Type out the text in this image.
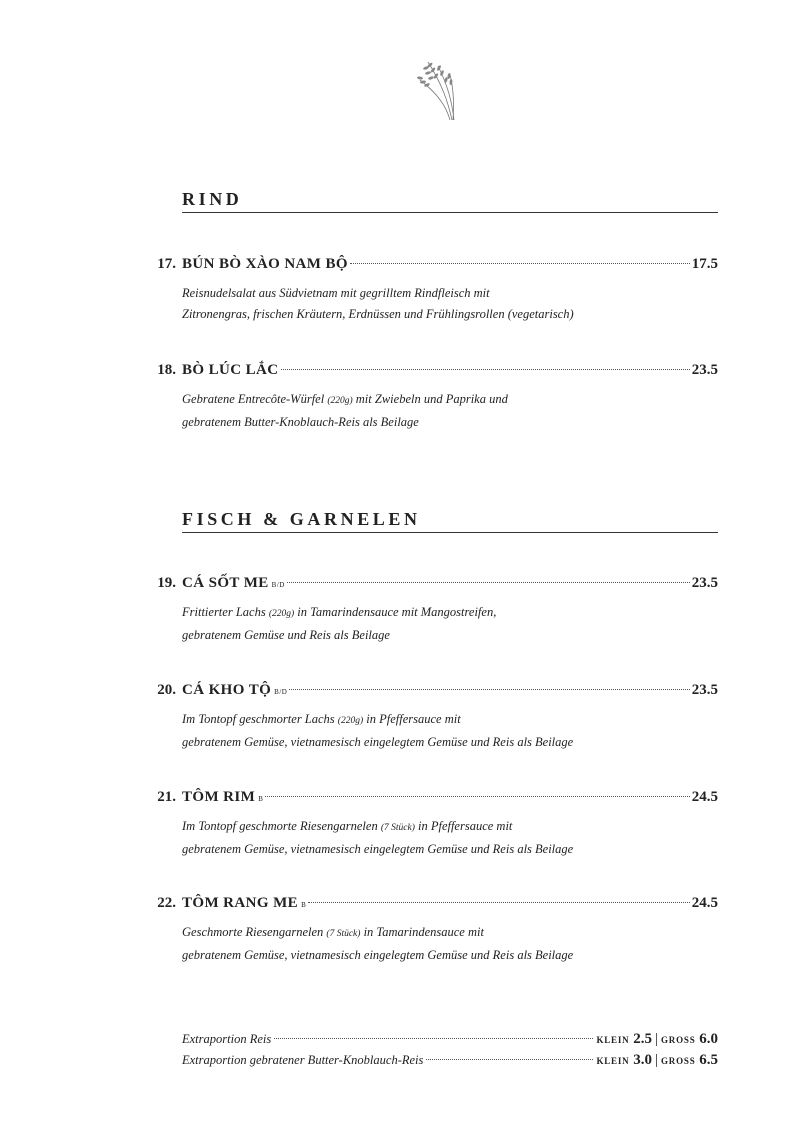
RIND
17. BÚN BÒ XÀO NAM BỘ	17.5
Reisnudelsalat aus Südvietnam mit gegrilltem Rindfleisch mit
Zitronengras, frischen Kräutern, Erdnüssen und Frühlingsrollen (vegetarisch)
18. BÒ LÚC LẮC	23.5
Gebratene Entrecôte-Würfel (220g) mit Zwiebeln und Paprika und
gebratenem Butter-Knoblauch-Reis als Beilage
FISCH & GARNELEN
19. CÁ SỐT ME B/D	23.5
Frittierter Lachs (220g) in Tamarindensauce mit Mangostreifen,
gebratenem Gemüse und Reis als Beilage
20. CÁ KHO TỘ B/D	23.5
Im Tontopf geschmorter Lachs (220g) in Pfeffersauce mit
gebratenem Gemüse, vietnamesisch eingelegtem Gemüse und Reis als Beilage
21. TÔM RIM B	24.5
Im Tontopf geschmorte Riesengarnelen (7 Stück) in Pfeffersauce mit
gebratenem Gemüse, vietnamesisch eingelegtem Gemüse und Reis als Beilage
22. TÔM RANG ME B	24.5
Geschmorte Riesengarnelen (7 Stück) in Tamarindensauce mit
gebratenem Gemüse, vietnamesisch eingelegtem Gemüse und Reis als Beilage
Extraportion Reis	KLEIN 2.5 | GROSS 6.0
Extraportion gebratener Butter-Knoblauch-Reis	KLEIN 3.0 | GROSS 6.5
